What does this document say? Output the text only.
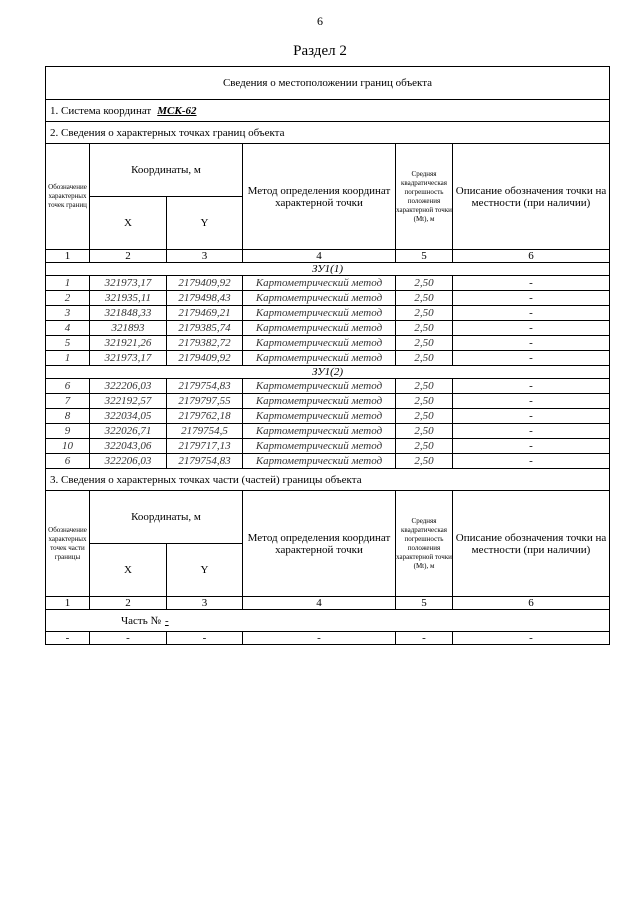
6
Раздел 2
Сведения о местоположении границ объекта					
1. Система координат МСК-62					
2. Сведения о характерных точках границ объекта					
Обозначение характерных точек границ	Координаты, м		Метод определения координат характерной точки	Средняя квадратическая погрешность положения характерной точки (Mt), м	Описание обозначения точки на местности (при наличии)
	X	Y			
1	2	3	4	5	6
ЗУ1(1)					
1	321973,17	2179409,92	Картометрический метод	2,50	-
2	321935,11	2179498,43	Картометрический метод	2,50	-
3	321848,33	2179469,21	Картометрический метод	2,50	-
4	321893	2179385,74	Картометрический метод	2,50	-
5	321921,26	2179382,72	Картометрический метод	2,50	-
1	321973,17	2179409,92	Картометрический метод	2,50	-
ЗУ1(2)					
6	322206,03	2179754,83	Картометрический метод	2,50	-
7	322192,57	2179797,55	Картометрический метод	2,50	-
8	322034,05	2179762,18	Картометрический метод	2,50	-
9	322026,71	2179754,5	Картометрический метод	2,50	-
10	322043,06	2179717,13	Картометрический метод	2,50	-
6	322206,03	2179754,83	Картометрический метод	2,50	-
3. Сведения о характерных точках части (частей) границы объекта					
Обозначение характерных точек части границы	Координаты, м		Метод определения координат характерной точки	Средняя квадратическая погрешность положения характерной точки (Mt), м	Описание обозначения точки на местности (при наличии)
	X	Y			
1	2	3	4	5	6
Часть № -					
-	-	-	-	-	-
